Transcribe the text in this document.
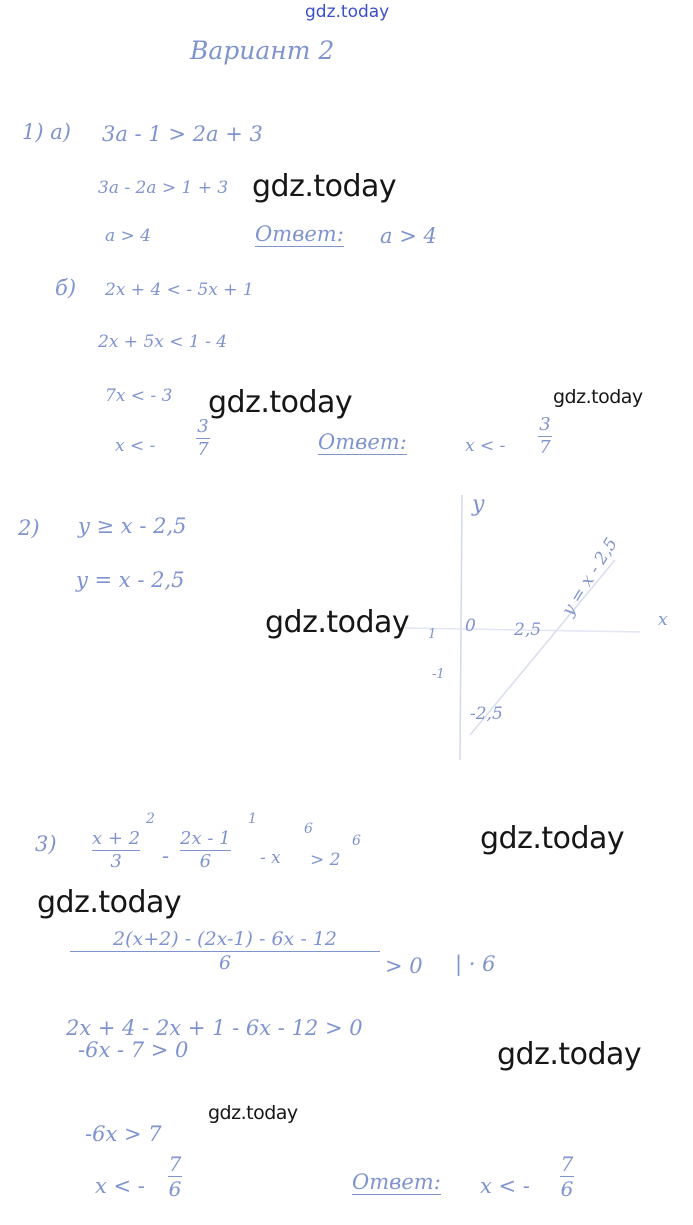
gdz.today
Вариант 2
1) а) 3a - 1 > 2a + 3
3a - 2a > 1 + 3 gdz.today
a > 4	Ответ: a > 4
б) 2x + 4 < - 5x + 1
2x + 5x < 1 - 4
7x < - 3 gdz.today	gdz.today
x < -
3
7	Ответ:	x < -
3
7
2) y ≥ x - 2,5
y = x - 2,5
gdz.today
y
x
y = x - 2,5
0
1	2,5
-1
-2,5
3) x + 2
3
2
-
2x - 1
6
1
- x
6
> 2
6	gdz.today
gdz.today
2(x+2) - (2x-1) - 6x - 12
6	> 0 | · 6
2x + 4 - 2x + 1 - 6x - 12 > 0
gdz.today
-6x - 7 > 0
gdz.today
-6x > 7
x < -
7
6	Ответ: x < -
7
6
